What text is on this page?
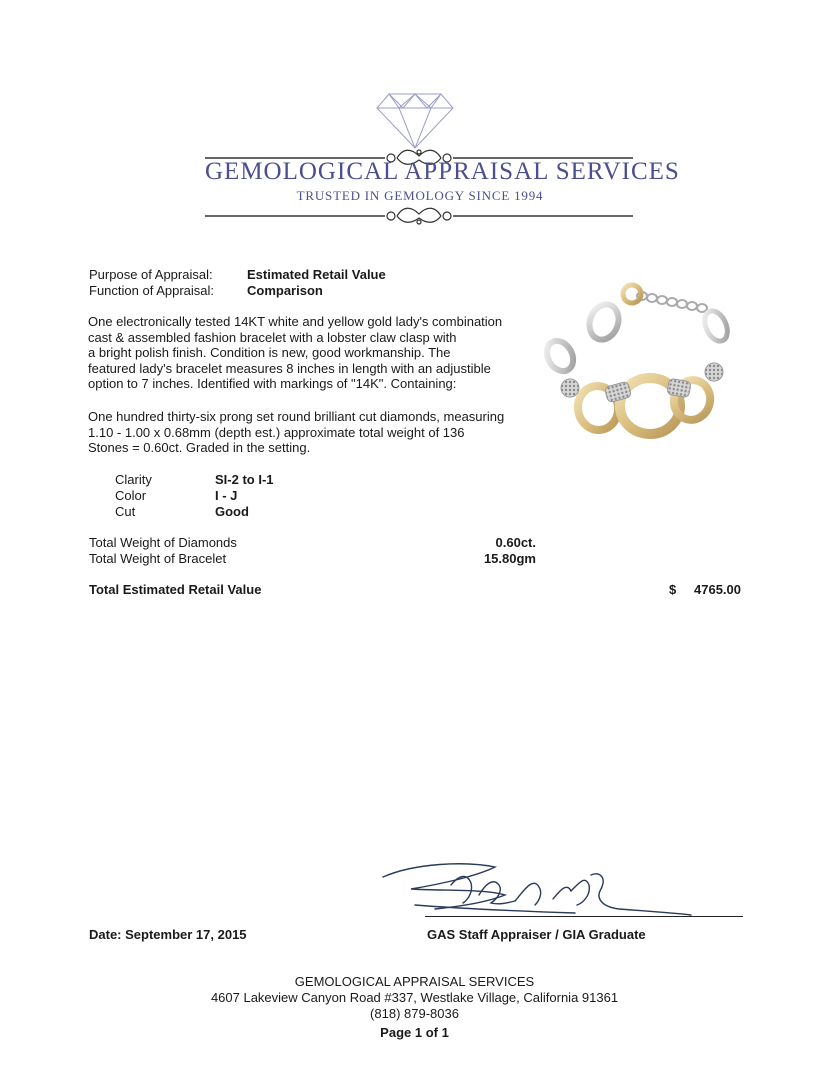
GEMOLOGICAL APPRAISAL SERVICES
TRUSTED IN GEMOLOGY SINCE 1994
Purpose of Appraisal:	Estimated Retail Value
Function of Appraisal:	Comparison
One electronically tested 14KT white and yellow gold lady's combination
cast & assembled fashion bracelet with a lobster claw clasp with
a bright polish finish. Condition is new, good workmanship. The
featured lady's bracelet measures 8 inches in length with an adjustible
option to 7 inches. Identified with markings of "14K". Containing:
One hundred thirty-six prong set round brilliant cut diamonds, measuring
1.10 - 1.00 x 0.68mm (depth est.) approximate total weight of 136
Stones = 0.60ct. Graded in the setting.
Clarity	SI-2 to I-1
Color	I - J
Cut	Good
Total Weight of Diamonds	0.60ct.
Total Weight of Bracelet	15.80gm
Total Estimated Retail Value	$	4765.00
Date: September 17, 2015	GAS Staff Appraiser / GIA Graduate
GEMOLOGICAL APPRAISAL SERVICES
4607 Lakeview Canyon Road #337, Westlake Village, California 91361
(818) 879-8036
Page 1 of 1
